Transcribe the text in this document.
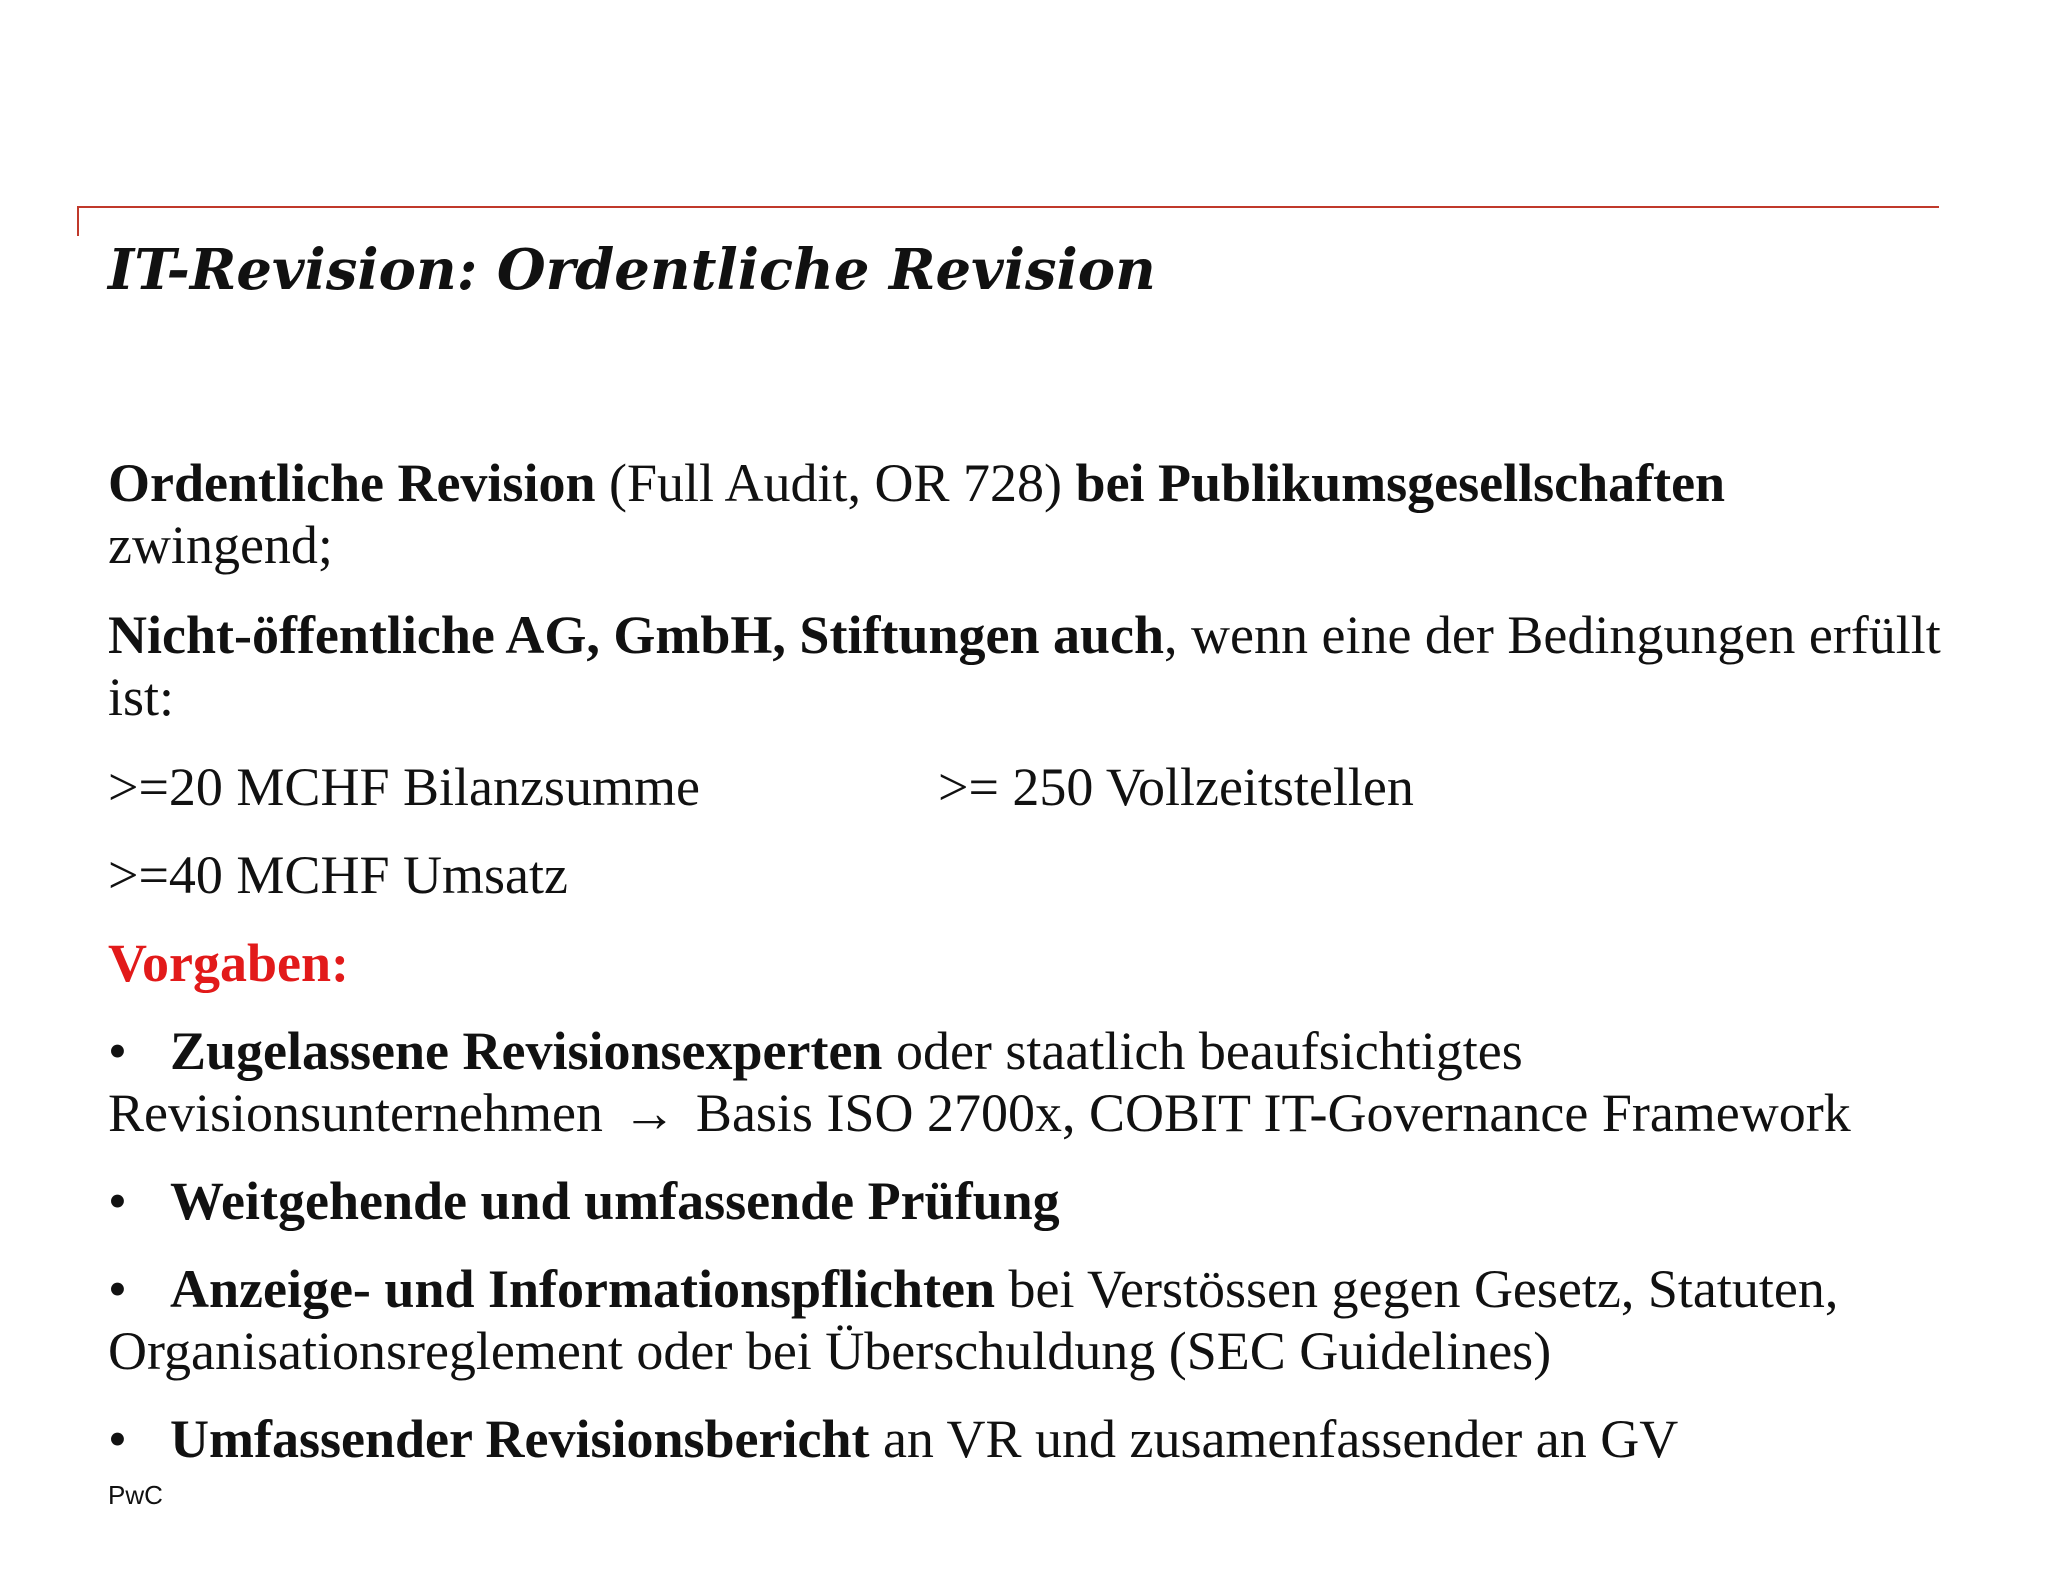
IT-Revision: Ordentliche Revision

Ordentliche Revision (Full Audit, OR 728) bei Publikumsgesellschaften
zwingend;

Nicht-öffentliche AG, GmbH, Stiftungen auch, wenn eine der Bedingungen erfüllt ist:

>=20 MCHF Bilanzsumme	>= 250 Vollzeitstellen
>=40 MCHF Umsatz

Vorgaben:

• Zugelassene Revisionsexperten oder staatlich beaufsichtigtes Revisionsunternehmen → Basis ISO 2700x, COBIT IT-Governance Framework

• Weitgehende und umfassende Prüfung

• Anzeige- und Informationspflichten bei Verstössen gegen Gesetz, Statuten, Organisationsreglement oder bei Überschuldung (SEC Guidelines)

• Umfassender Revisionsbericht an VR und zusamenfassender an GV

PwC
